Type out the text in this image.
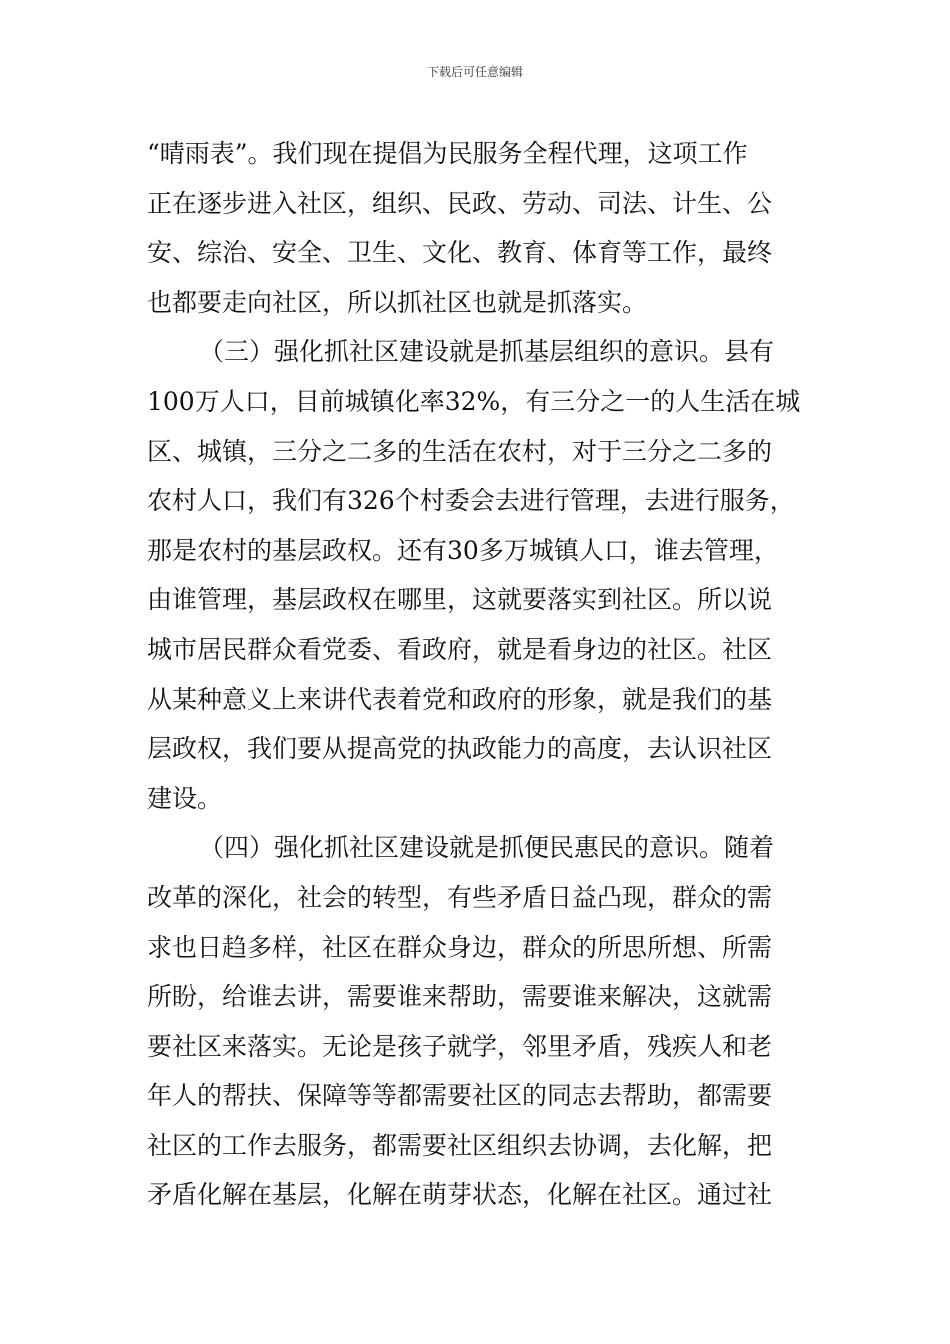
下载后可任意编辑
“晴雨表”。我们现在提倡为民服务全程代理，这项工作
正在逐步进入社区，组织、民政、劳动、司法、计生、公
安、综治、安全、卫生、文化、教育、体育等工作，最终
也都要走向社区，所以抓社区也就是抓落实。
（三）强化抓社区建设就是抓基层组织的意识。县有
100万人口，目前城镇化率32%，有三分之一的人生活在城
区、城镇，三分之二多的生活在农村，对于三分之二多的
农村人口，我们有326个村委会去进行管理，去进行服务，
那是农村的基层政权。还有30多万城镇人口，谁去管理，
由谁管理，基层政权在哪里，这就要落实到社区。所以说
城市居民群众看党委、看政府，就是看身边的社区。社区
从某种意义上来讲代表着党和政府的形象，就是我们的基
层政权，我们要从提高党的执政能力的高度，去认识社区
建设。
（四）强化抓社区建设就是抓便民惠民的意识。随着
改革的深化，社会的转型，有些矛盾日益凸现，群众的需
求也日趋多样，社区在群众身边，群众的所思所想、所需
所盼，给谁去讲，需要谁来帮助，需要谁来解决，这就需
要社区来落实。无论是孩子就学，邻里矛盾，残疾人和老
年人的帮扶、保障等等都需要社区的同志去帮助，都需要
社区的工作去服务，都需要社区组织去协调，去化解，把
矛盾化解在基层，化解在萌芽状态，化解在社区。通过社
